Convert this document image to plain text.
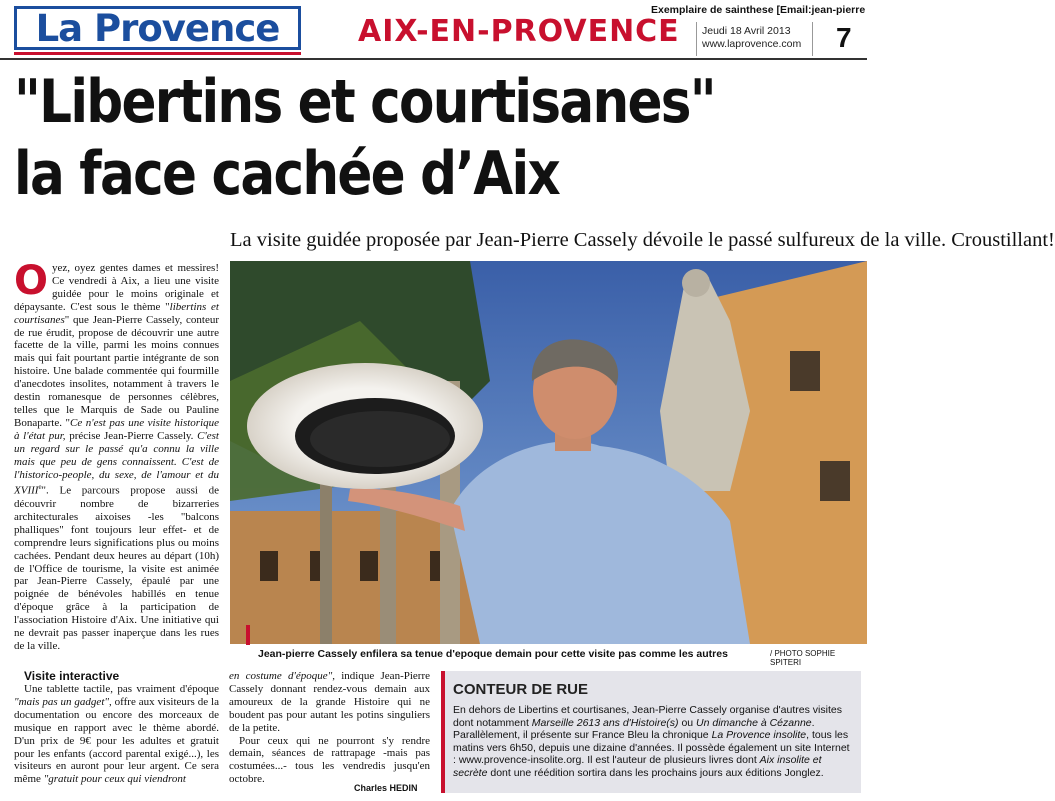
La Provence	Exemplaire de sainthese [Email:jean-pierre
AIX-EN-PROVENCE Jeudi 18 Avril 2013
www.laprovence.com 7
"Libertins et courtisanes"
la face cachée d’Aix
La visite guidée proposée par Jean-Pierre Cassely dévoile le passé sulfureux de la ville. Croustillant!
Oyez, oyez gentes dames et messires! Ce vendredi à Aix, a lieu une visite guidée pour le moins originale et dépaysante. C'est sous le thème "libertins et courtisanes" que Jean-Pierre Cassely, conteur de rue érudit, propose de découvrir une autre facette de la ville, parmi les moins connues mais qui fait pourtant partie intégrante de son histoire. Une balade commentée qui fourmille d'anecdotes insolites, notamment à travers le destin romanesque de personnes célèbres, telles que le Marquis de Sade ou Pauline Bonaparte. "Ce n'est pas une visite historique à l'état pur, précise Jean-Pierre Cassely. C'est un regard sur le passé qu'a connu la ville mais que peu de gens connaissent. C'est de l'historico-people, du sexe, de l'amour et du XVIIIe". Le parcours propose aussi de découvrir nombre de bizarreries architecturales aixoises -les "balcons phalliques" font toujours leur effet- et de comprendre leurs significations plus ou moins cachées. Pendant deux heures au départ (10h) de l'Office de tourisme, la visite est animée par Jean-Pierre Cassely, épaulé par une poignée de bénévoles habillés en tenue d'époque grâce à la participation de l'association Histoire d'Aix. Une initiative qui ne devrait pas passer inaperçue dans les rues de la ville.
Jean-pierre Cassely enfilera sa tenue d'epoque demain pour cette visite pas comme les autres	/ PHOTO SOPHIE SPITERI
Visite interactive
Une tablette tactile, pas vraiment d'époque "mais pas un gadget", offre aux visiteurs de la documentation ou encore des morceaux de musique en rapport avec le thème abordé. D'un prix de 9€ pour les adultes et gratuit pour les enfants (accord parental exigé...), les visiteurs en auront pour leur argent. Ce sera même "gratuit pour ceux qui viendront

en costume d'époque", indique Jean-Pierre Cassely donnant rendez-vous demain aux amoureux de la grande Histoire qui ne boudent pas pour autant les potins singuliers de la petite.

Pour ceux qui ne pourront s'y rendre demain, séances de rattrapage -mais pas costumées...- tous les vendredis jusqu'en octobre.

Charles HEDIN
CONTEUR DE RUE

En dehors de Libertins et courtisanes, Jean-Pierre Cassely organise d'autres visites dont notamment Marseille 2613 ans d'Histoire(s) ou Un dimanche à Cézanne. Parallèlement, il présente sur France Bleu la chronique La Provence insolite, tous les matins vers 6h50, depuis une dizaine d'années. Il possède également un site Internet : www.provence-insolite.org. Il est l'auteur de plusieurs livres dont Aix insolite et secrète dont une réédition sortira dans les prochains jours aux éditions Jonglez.
